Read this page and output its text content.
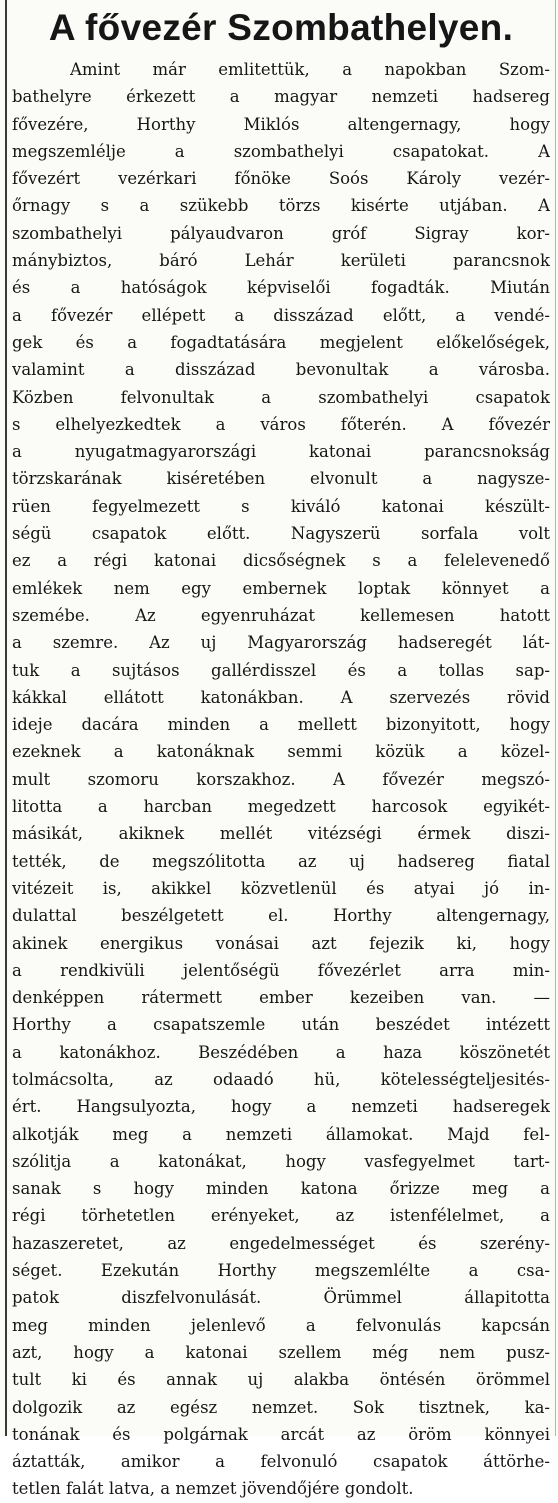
A fővezér Szombathelyen.
Amint már emlitettük, a napokban Szom-
bathelyre érkezett a magyar nemzeti hadsereg
fővezére, Horthy Miklós altengernagy, hogy
megszemlélje a szombathelyi csapatokat. A
fővezért vezérkari főnöke Soós Károly vezér-
őrnagy s a szükebb törzs kisérte utjában. A
szombathelyi pályaudvaron gróf Sigray kor-
mánybiztos, báró Lehár kerületi parancsnok
és a hatóságok képviselői fogadták. Miután
a fővezér ellépett a disszázad előtt, a vendé-
gek és a fogadtatására megjelent előkelőségek,
valamint a disszázad bevonultak a városba.
Közben felvonultak a szombathelyi csapatok
s elhelyezkedtek a város főterén. A fővezér
a nyugatmagyarországi katonai parancsnokság
törzskarának kiséretében elvonult a nagysze-
rüen fegyelmezett s kiváló katonai készült-
ségü csapatok előtt. Nagyszerü sorfala volt
ez a régi katonai dicsőségnek s a felelevenedő
emlékek nem egy embernek loptak könnyet a
szemébe. Az egyenruházat kellemesen hatott
a szemre. Az uj Magyarország hadseregét lát-
tuk a sujtásos gallérdisszel és a tollas sap-
kákkal ellátott katonákban. A szervezés rövid
ideje dacára minden a mellett bizonyitott, hogy
ezeknek a katonáknak semmi közük a közel-
mult szomoru korszakhoz. A fővezér megszó-
litotta a harcban megedzett harcosok egyikét-
másikát, akiknek mellét vitézségi érmek diszi-
tették, de megszólitotta az uj hadsereg fiatal
vitézeit is, akikkel közvetlenül és atyai jó in-
dulattal beszélgetett el. Horthy altengernagy,
akinek energikus vonásai azt fejezik ki, hogy
a rendkivüli jelentőségü fővezérlet arra min-
denképpen rátermett ember kezeiben van. —
Horthy a csapatszemle után beszédet intézett
a katonákhoz. Beszédében a haza köszönetét
tolmácsolta, az odaadó hü, kötelességteljesités-
ért. Hangsulyozta, hogy a nemzeti hadseregek
alkotják meg a nemzeti államokat. Majd fel-
szólitja a katonákat, hogy vasfegyelmet tart-
sanak s hogy minden katona őrizze meg a
régi törhetetlen erényeket, az istenfélelmet, a
hazaszeretet, az engedelmességet és szerény-
séget. Ezekután Horthy megszemlélte a csa-
patok diszfelvonulását. Örümmel állapitotta
meg minden jelenlevő a felvonulás kapcsán
azt, hogy a katonai szellem még nem pusz-
tult ki és annak uj alakba öntésén örömmel
dolgozik az egész nemzet. Sok tisztnek, ka-
tonának és polgárnak arcát az öröm könnyei
áztatták, amikor a felvonuló csapatok áttörhe-
tetlen falát latva, a nemzet jövendőjére gondolt.
